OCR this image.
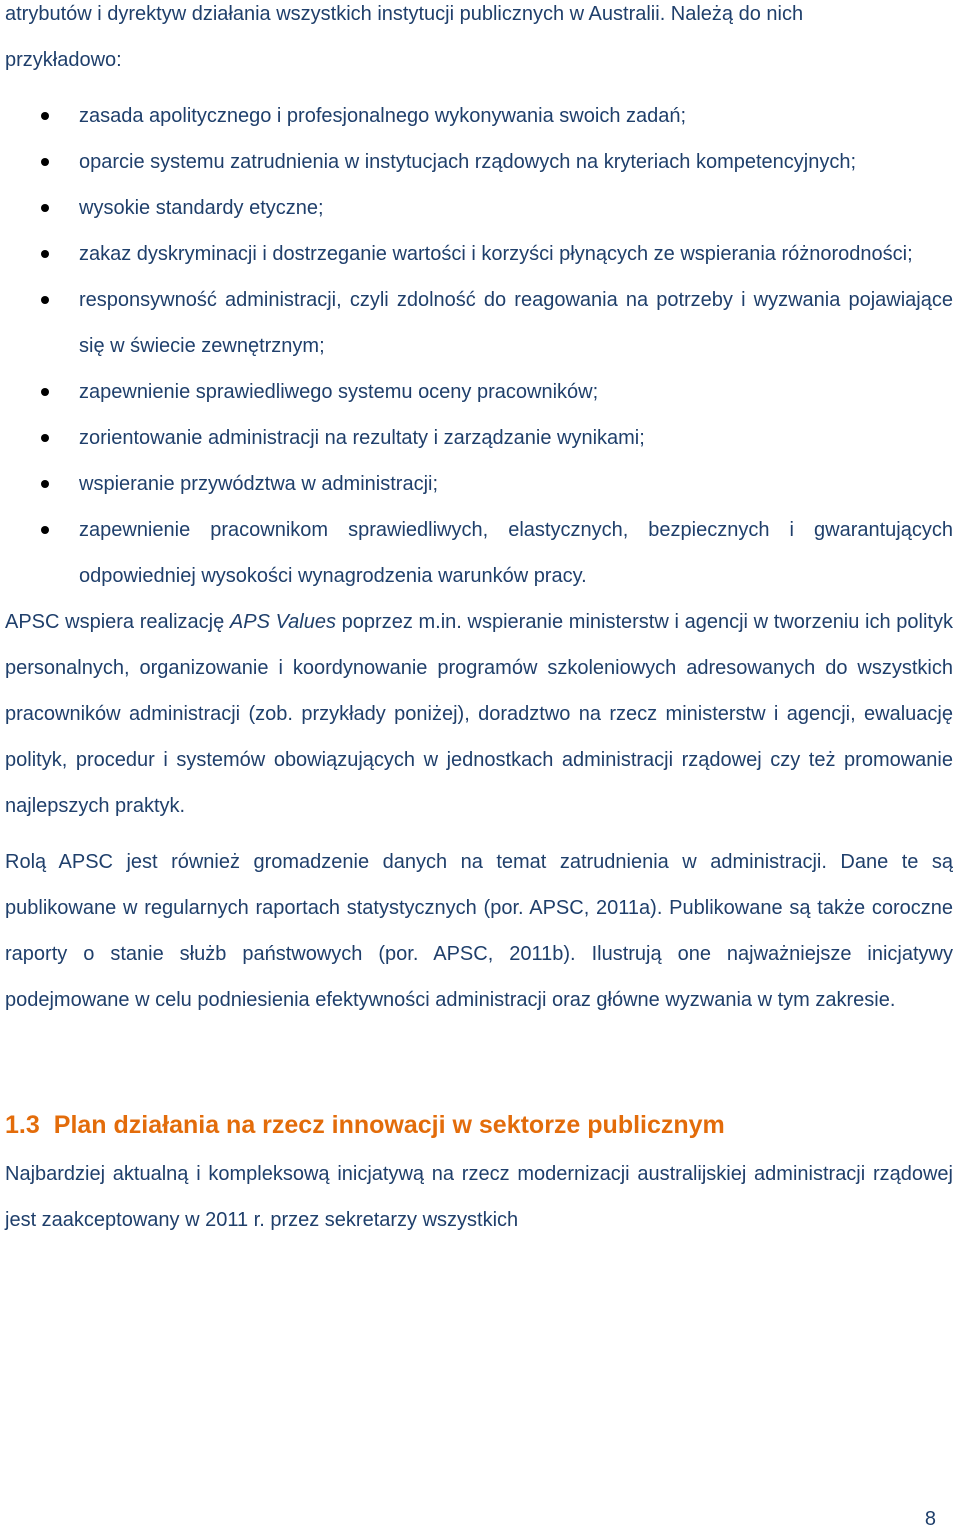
atrybutów i dyrektyw działania wszystkich instytucji publicznych w Australii. Należą do nich
przykładowo:

zasada apolitycznego i profesjonalnego wykonywania swoich zadań;
oparcie systemu zatrudnienia w instytucjach rządowych na kryteriach kompetencyjnych;
wysokie standardy etyczne;
zakaz dyskryminacji i dostrzeganie wartości i korzyści płynących ze wspierania różnorodności;
responsywność administracji, czyli zdolność do reagowania na potrzeby i wyzwania pojawiające się w świecie zewnętrznym;
zapewnienie sprawiedliwego systemu oceny pracowników;
zorientowanie administracji na rezultaty i zarządzanie wynikami;
wspieranie przywództwa w administracji;
zapewnienie pracownikom sprawiedliwych, elastycznych, bezpiecznych i gwarantujących odpowiedniej wysokości wynagrodzenia warunków pracy.

APSC wspiera realizację APS Values poprzez m.in. wspieranie ministerstw i agencji w tworzeniu ich polityk personalnych, organizowanie i koordynowanie programów szkoleniowych adresowanych do wszystkich pracowników administracji (zob. przykłady poniżej), doradztwo na rzecz ministerstw i agencji, ewaluację polityk, procedur i systemów obowiązujących w jednostkach administracji rządowej czy też promowanie najlepszych praktyk.

Rolą APSC jest również gromadzenie danych na temat zatrudnienia w administracji. Dane te są publikowane w regularnych raportach statystycznych (por. APSC, 2011a). Publikowane są także coroczne raporty o stanie służb państwowych (por. APSC, 2011b). Ilustrują one najważniejsze inicjatywy podejmowane w celu podniesienia efektywności administracji oraz główne wyzwania w tym zakresie.

1.3 Plan działania na rzecz innowacji w sektorze publicznym

Najbardziej aktualną i kompleksową inicjatywą na rzecz modernizacji australijskiej administracji rządowej jest zaakceptowany w 2011 r. przez sekretarzy wszystkich

8
